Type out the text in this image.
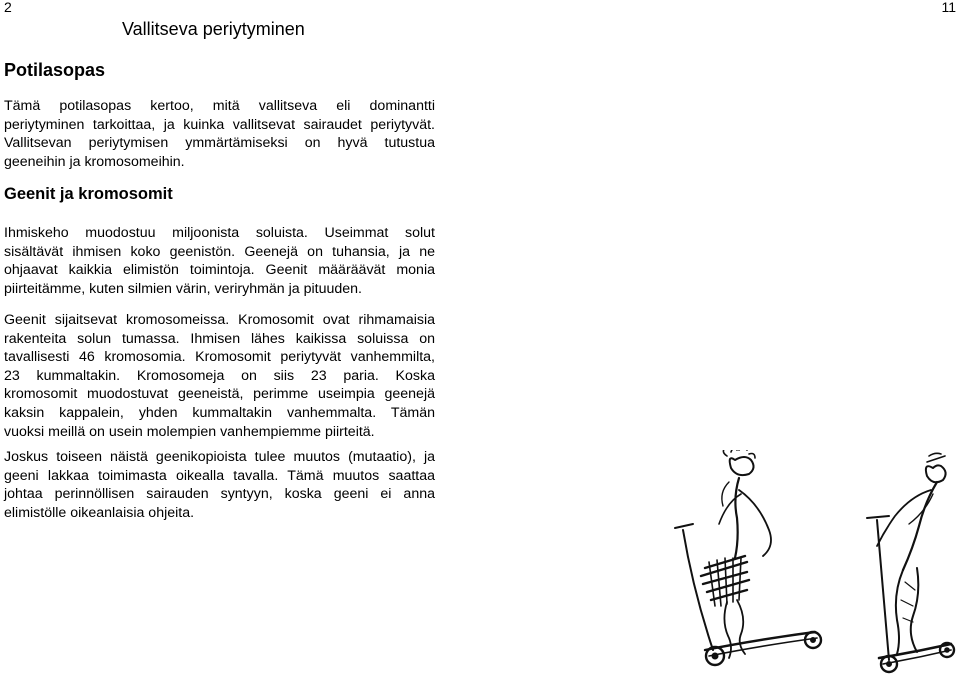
2	11
Vallitseva periytyminen
Potilasopas
Tämä potilasopas kertoo, mitä vallitseva eli dominantti
periytyminen tarkoittaa, ja kuinka vallitsevat sairaudet periytyvät.
Vallitsevan periytymisen ymmärtämiseksi on hyvä tutustua
geeneihin ja kromosomeihin.
Geenit ja kromosomit
Ihmiskeho muodostuu miljoonista soluista. Useimmat solut
sisältävät ihmisen koko geenistön. Geenejä on tuhansia, ja ne
ohjaavat kaikkia elimistön toimintoja. Geenit määräävät monia
piirteitämme, kuten silmien värin, veriryhmän ja pituuden.
Geenit sijaitsevat kromosomeissa. Kromosomit ovat rihmamaisia
rakenteita solun tumassa. Ihmisen lähes kaikissa soluissa on
tavallisesti 46 kromosomia. Kromosomit periytyvät vanhemmilta,
23 kummaltakin. Kromosomeja on siis 23 paria. Koska
kromosomit muodostuvat geeneistä, perimme useimpia geenejä
kaksin kappalein, yhden kummaltakin vanhemmalta. Tämän
vuoksi meillä on usein molempien vanhempiemme piirteitä.
Joskus toiseen näistä geenikopioista tulee muutos (mutaatio), ja
geeni lakkaa toimimasta oikealla tavalla. Tämä muutos saattaa
johtaa perinnöllisen sairauden syntyyn, koska geeni ei anna
elimistölle oikeanlaisia ohjeita.
